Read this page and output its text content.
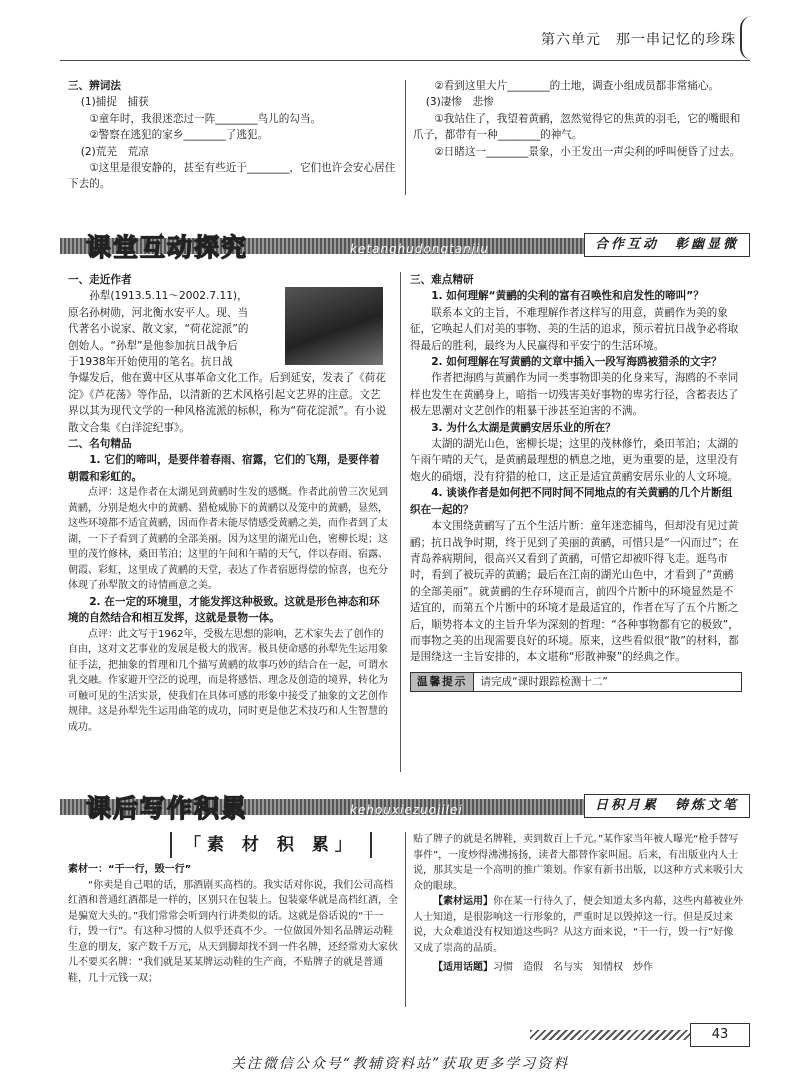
第六单元　那一串记忆的珍珠

三、辨词法

(1)捕捉　捕获

①童年时，我很迷恋过一阵________鸟儿的勾当。

②警察在逃犯的家乡________了逃犯。

(2)荒芜　荒凉

①这里是很安静的，甚至有些近于________，它们也许会安心居住下去的。

②看到这里大片________的土地，调查小组成员都非常痛心。

(3)凄惨　悲惨

①我站住了，我望着黄鹂，忽然觉得它的焦黄的羽毛，它的嘴眼和爪子，都带有一种________的神气。

②日睹这一________景象，小王发出一声尖利的呼叫便昏了过去。

课堂互动探究	ketanghudongtanjiu	合作互动　彰幽显微

一、走近作者

孙犁(1913.5.11～2002.7.11)，

原名孙树勋，河北衡水安平人。现、当

代著名小说家、散文家，“荷花淀派”的

创始人。“孙犁”是他参加抗日战争后

于1938年开始使用的笔名。抗日战

争爆发后，他在冀中区从事革命文化工作。后到延安，发表了《荷花淀》《芦花荡》等作品，以清新的艺术风格引起文艺界的注意。文艺界以其为现代文学的一种风格流派的标帜，称为“荷花淀派”。有小说散文合集《白洋淀纪事》。

二、名句精品

1. 它们的啼叫，是要伴着春雨、宿露，它们的飞翔，是要伴着朝霞和彩虹的。

点评：这是作者在太湖见到黄鹂时生发的感慨。作者此前曾三次见到黄鹂，分别是炮火中的黄鹂、猎枪威胁下的黄鹂以及笼中的黄鹂，显然，这些环境都不适宜黄鹂，因而作者未能尽情感受黄鹂之美，而作者到了太湖，一下子看到了黄鹂的全部美丽。因为这里的湖光山色，密柳长堤；这里的茂竹修林，桑田苇泊；这里的午间和午睛的天气，伴以春雨、宿露、朝霞、彩虹，这里成了黄鹂的天堂，表达了作者宿愿得偿的惊喜，也充分体现了孙犁散文的诗情画意之美。

2. 在一定的环境里，才能发挥这种极致。这就是形色神态和环境的自然结合和相互发挥，这就是景物一体。

点评：此文写于1962年，受极左思想的影响，艺术家失去了创作的自由，这对文艺事业的发展是极大的戕害。极具使命感的孙犁先生运用象征手法，把抽象的哲理和几个描写黄鹂的故事巧妙的结合在一起，可谓水乳交融。作家避开空泛的说理，而是将感悟、理念及创造的境界，转化为可触可见的生活实景，使我们在具体可感的形象中接受了抽象的文艺创作规律。这是孙犁先生运用曲笔的成功，同时更是他艺术技巧和人生智慧的成功。

三、难点精研

1. 如何理解“黄鹂的尖利的富有召唤性和启发性的啼叫”？

联系本文的主旨，不难理解作者这样写的用意，黄鹂作为美的象征，它唤起人们对美的事物、美的生活的追求，预示着抗日战争必将取得最后的胜利，最终为人民赢得和平安宁的生活环境。

2. 如何理解在写黄鹂的文章中插入一段写海鸥被猎杀的文字？

作者把海鸥与黄鹂作为同一类事物即美的化身来写，海鸥的不幸同样也发生在黄鹂身上，暗指一切残害美好事物的卑劣行径，含蓄表达了极左思潮对文艺创作的粗暴干涉甚至迫害的不满。

3. 为什么太湖是黄鹂安居乐业的所在？

太湖的湖光山色，密柳长堤；这里的茂林修竹，桑田苇泊；太湖的午雨午晴的天气，是黄鹂最理想的栖息之地，更为重要的是，这里没有炮火的硝烟，没有狩猎的枪口，这正是适宜黄鹂安居乐业的人文环境。

4. 谈谈作者是如何把不同时间不同地点的有关黄鹂的几个片断组织在一起的？

本文围绕黄鹂写了五个生活片断：童年迷恋捕鸟，但却没有见过黄鹂；抗日战争时期，终于见到了美丽的黄鹂，可惜只是“一闪而过”；在青岛养病期间，很高兴又看到了黄鹂，可惜它却被吓得飞走。逛鸟市时，看到了被玩弄的黄鹂；最后在江南的湖光山色中，才看到了“黄鹂的全部美丽”。就黄鹂的生存环境而言，前四个片断中的环境显然是不适宜的，而第五个片断中的环境才是最适宜的，作者在写了五个片断之后，顺势将本文的主旨升华为深刻的哲理：“各种事物都有它的极致”，而事物之美的出现需要良好的环境。原来，这些看似很“散”的材料，都是围绕这一主旨安排的，本文堪称“形散神聚”的经典之作。

温馨提示	请完成“课时跟踪检测十二”
课后写作积累	kehouxiezuojilei	日积月累　铸炼文笔
「素 材 积 累」

素材一：“干一行，毁一行”

“你卖是自己唱的话，那酒剧买高档的。我实话对你说，我们公司高档红酒和普通红酒都是一样的，区别只在包装上。包装豪华就是高档红酒，全是骗宽大头的。”我们常常会听到内行讲类似的话。这就是俗话说的“干一行，毁一行”。有这种习惯的人似乎还真不少。一位做国外知名品牌运动鞋生意的朋友，家产数千万元，从天到脚却找不到一件名牌，还经常劝大家伙儿不要买名牌：“我们就是某某牌运动鞋的生产商，不贴牌子的就是普通鞋，几十元钱一双；

贴了牌子的就是名牌鞋，卖到数百上千元。”某作家当年被人曝光“枪手替写事件”，一度炒得沸沸扬扬，读者大都替作家叫屈。后来，有出版业内人士说，那其实是一个高明的推广策划。作家有新书出版，以这种方式来吸引大众的眼球。

【素材运用】你在某一行待久了，便会知道太多内幕，这些内幕被业外人士知道，是很影响这一行形象的，严重时足以毁掉这一行。但是反过来说，大众难道没有权知道这些吗？从这方面来说，“干一行，毁一行”好像又成了崇高的品质。

【适用话题】习惯　造假　名与实　知情权　炒作

43
关注微信公众号“教辅资料站”获取更多学习资料
